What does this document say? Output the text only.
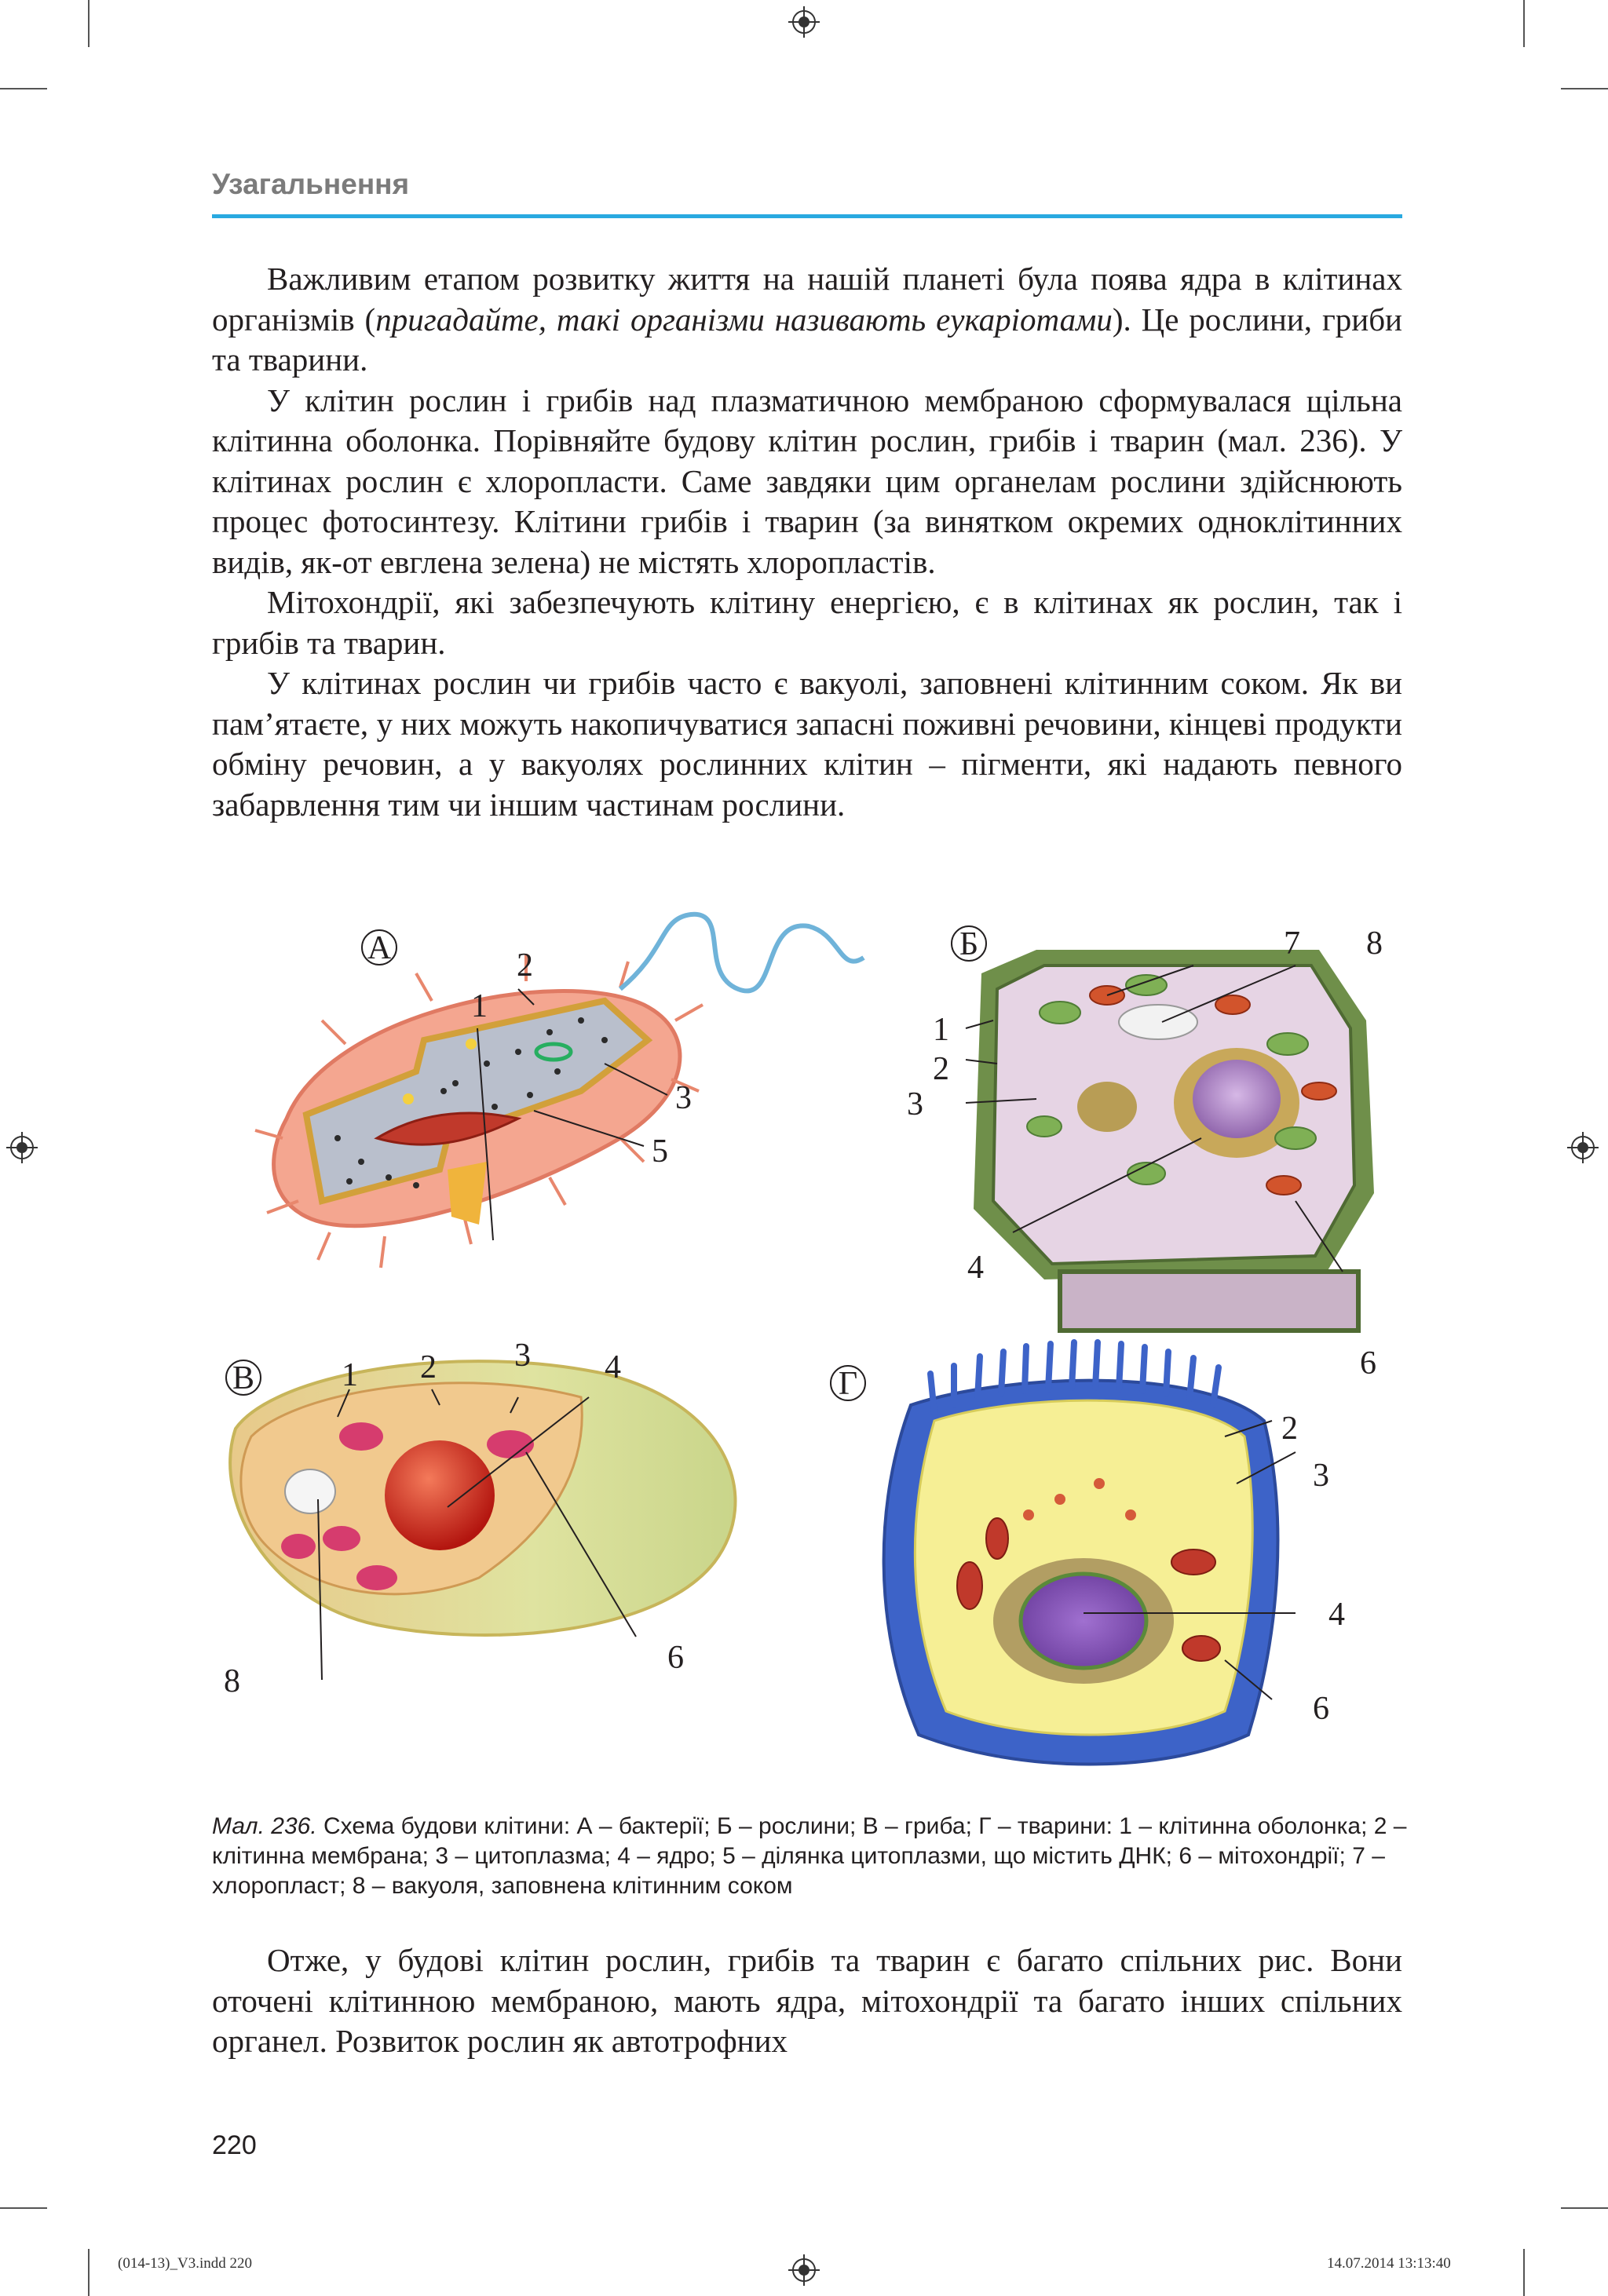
Узагальнення

Важливим етапом розвитку життя на нашій планеті була поява ядра в клітинах організмів (пригадайте, такі організми називають еукаріотами). Це рослини, гриби та тварини.

У клітин рослин і грибів над плазматичною мембраною сформувалася щільна клітинна оболонка. Порівняйте будову клітин рослин, грибів і тварин (мал. 236). У клітинах рослин є хлоропласти. Саме завдяки цим органелам рослини здійснюють процес фотосинтезу. Клітини грибів і тварин (за винятком окремих одноклітинних видів, як-от евглена зелена) не містять хлоропластів.

Мітохондрії, які забезпечують клітину енергією, є в клітинах як рослин, так і грибів та тварин.

У клітинах рослин чи грибів часто є вакуолі, заповнені клітинним соком. Як ви пам’ятаєте, у них можуть накопичуватися запасні поживні речовини, кінцеві продукти обміну речовин, а у вакуолях рослинних клітин – пігменти, які надають певного забарвлення тим чи іншим частинам рослини.

А
1
2
3
5
Б	7 8
1
2
3
4
6
В	1 2 3 4
8
6
Г
2
3
4
6
Мал. 236. Схема будови клітини: А – бактерії; Б – рослини; В – гриба; Г – тварини: 1 – клітинна оболонка; 2 – клітинна мембрана; 3 – цитоплазма; 4 – ядро; 5 – ділянка цитоплазми, що містить ДНК; 6 – мітохондрії; 7 – хлоропласт; 8 – вакуоля, заповнена клітинним соком

Отже, у будові клітин рослин, грибів та тварин є багато спільних рис. Вони оточені клітинною мембраною, мають ядра, мітохондрії та багато інших спільних органел. Розвиток рослин як автотрофних

220
(014-13)_V3.indd 220	14.07.2014 13:13:40
